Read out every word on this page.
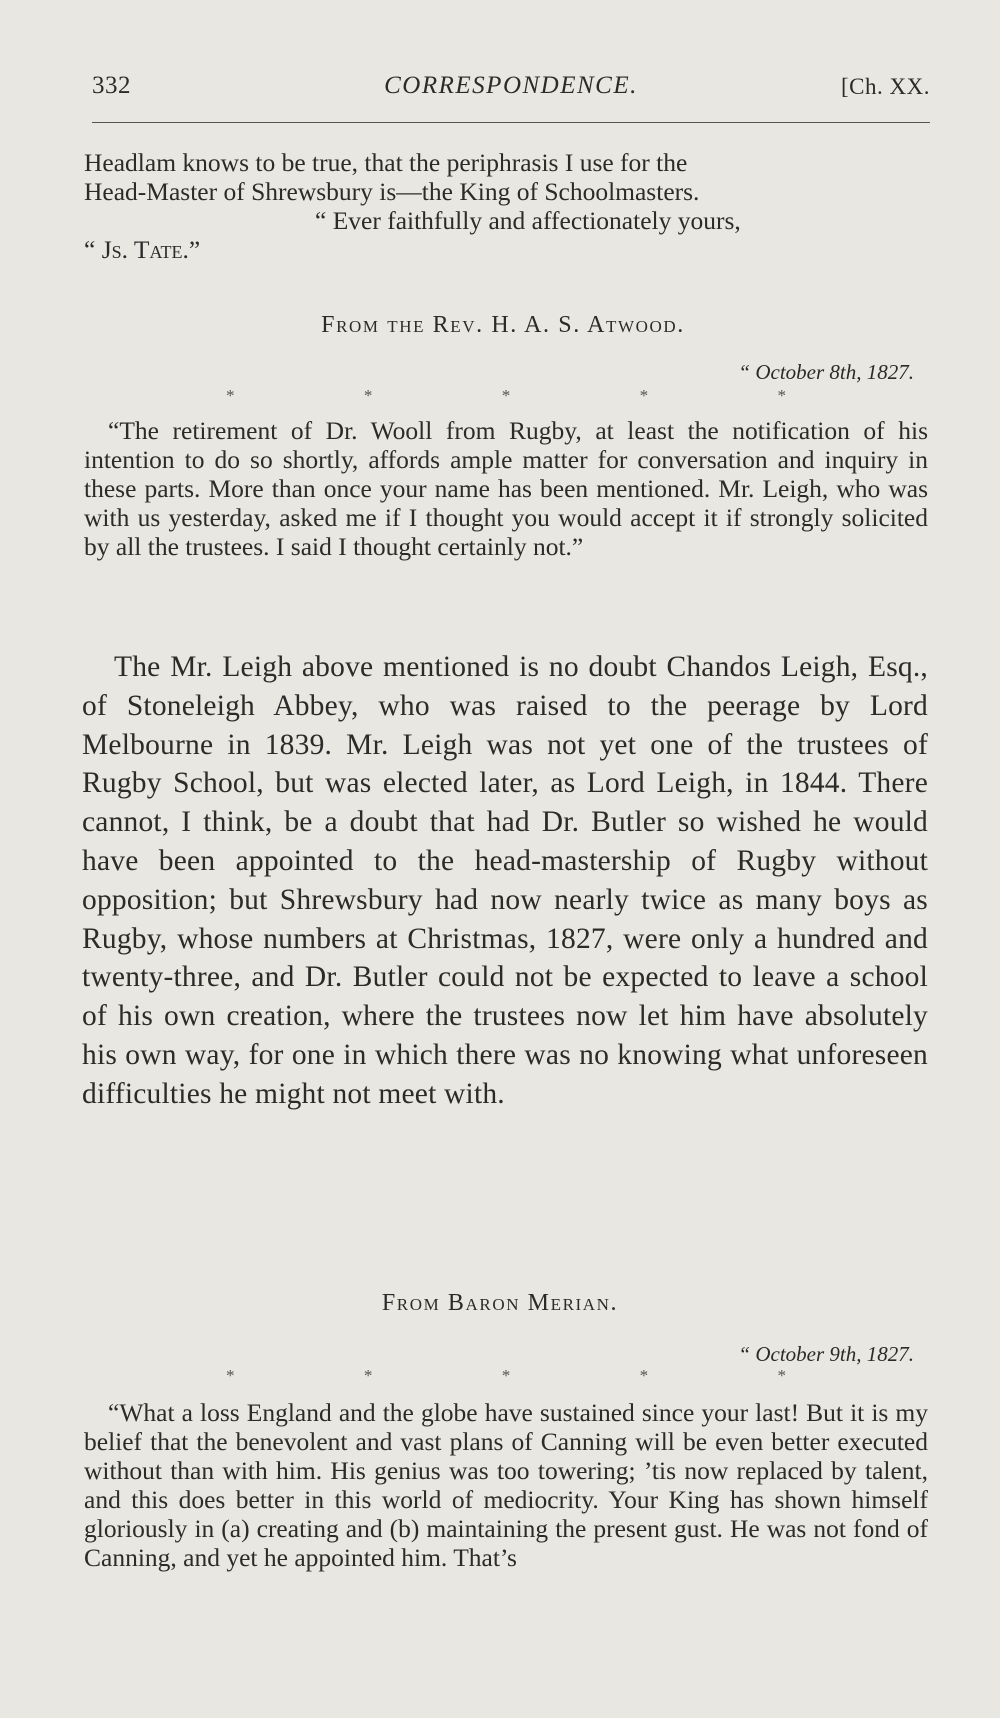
332	CORRESPONDENCE.	[Ch. XX.

Headlam knows to be true, that the periphrasis I use for the

Head-Master of Shrewsbury is—the King of Schoolmasters.

“ Ever faithfully and affectionately yours,

“ Js. Tate.”

From the Rev. H. A. S. Atwood.
“ October 8th, 1827.
*	*	*	*	*

“The retirement of Dr. Wooll from Rugby, at least the notification of his intention to do so shortly, affords ample matter for conversation and inquiry in these parts. More than once your name has been mentioned. Mr. Leigh, who was with us yesterday, asked me if I thought you would accept it if strongly solicited by all the trustees. I said I thought certainly not.”

The Mr. Leigh above mentioned is no doubt Chandos Leigh, Esq., of Stoneleigh Abbey, who was raised to the peerage by Lord Melbourne in 1839. Mr. Leigh was not yet one of the trustees of Rugby School, but was elected later, as Lord Leigh, in 1844. There cannot, I think, be a doubt that had Dr. Butler so wished he would have been appointed to the head-mastership of Rugby without opposition; but Shrewsbury had now nearly twice as many boys as Rugby, whose numbers at Christmas, 1827, were only a hundred and twenty-three, and Dr. Butler could not be expected to leave a school of his own creation, where the trustees now let him have absolutely his own way, for one in which there was no knowing what unforeseen difficulties he might not meet with.

From Baron Merian.
“ October 9th, 1827.
*	*	*	*	*

“What a loss England and the globe have sustained since your last! But it is my belief that the benevolent and vast plans of Canning will be even better executed without than with him. His genius was too towering; ’tis now replaced by talent, and this does better in this world of mediocrity. Your King has shown himself gloriously in (a) creating and (b) maintaining the present gust. He was not fond of Canning, and yet he appointed him. That’s
